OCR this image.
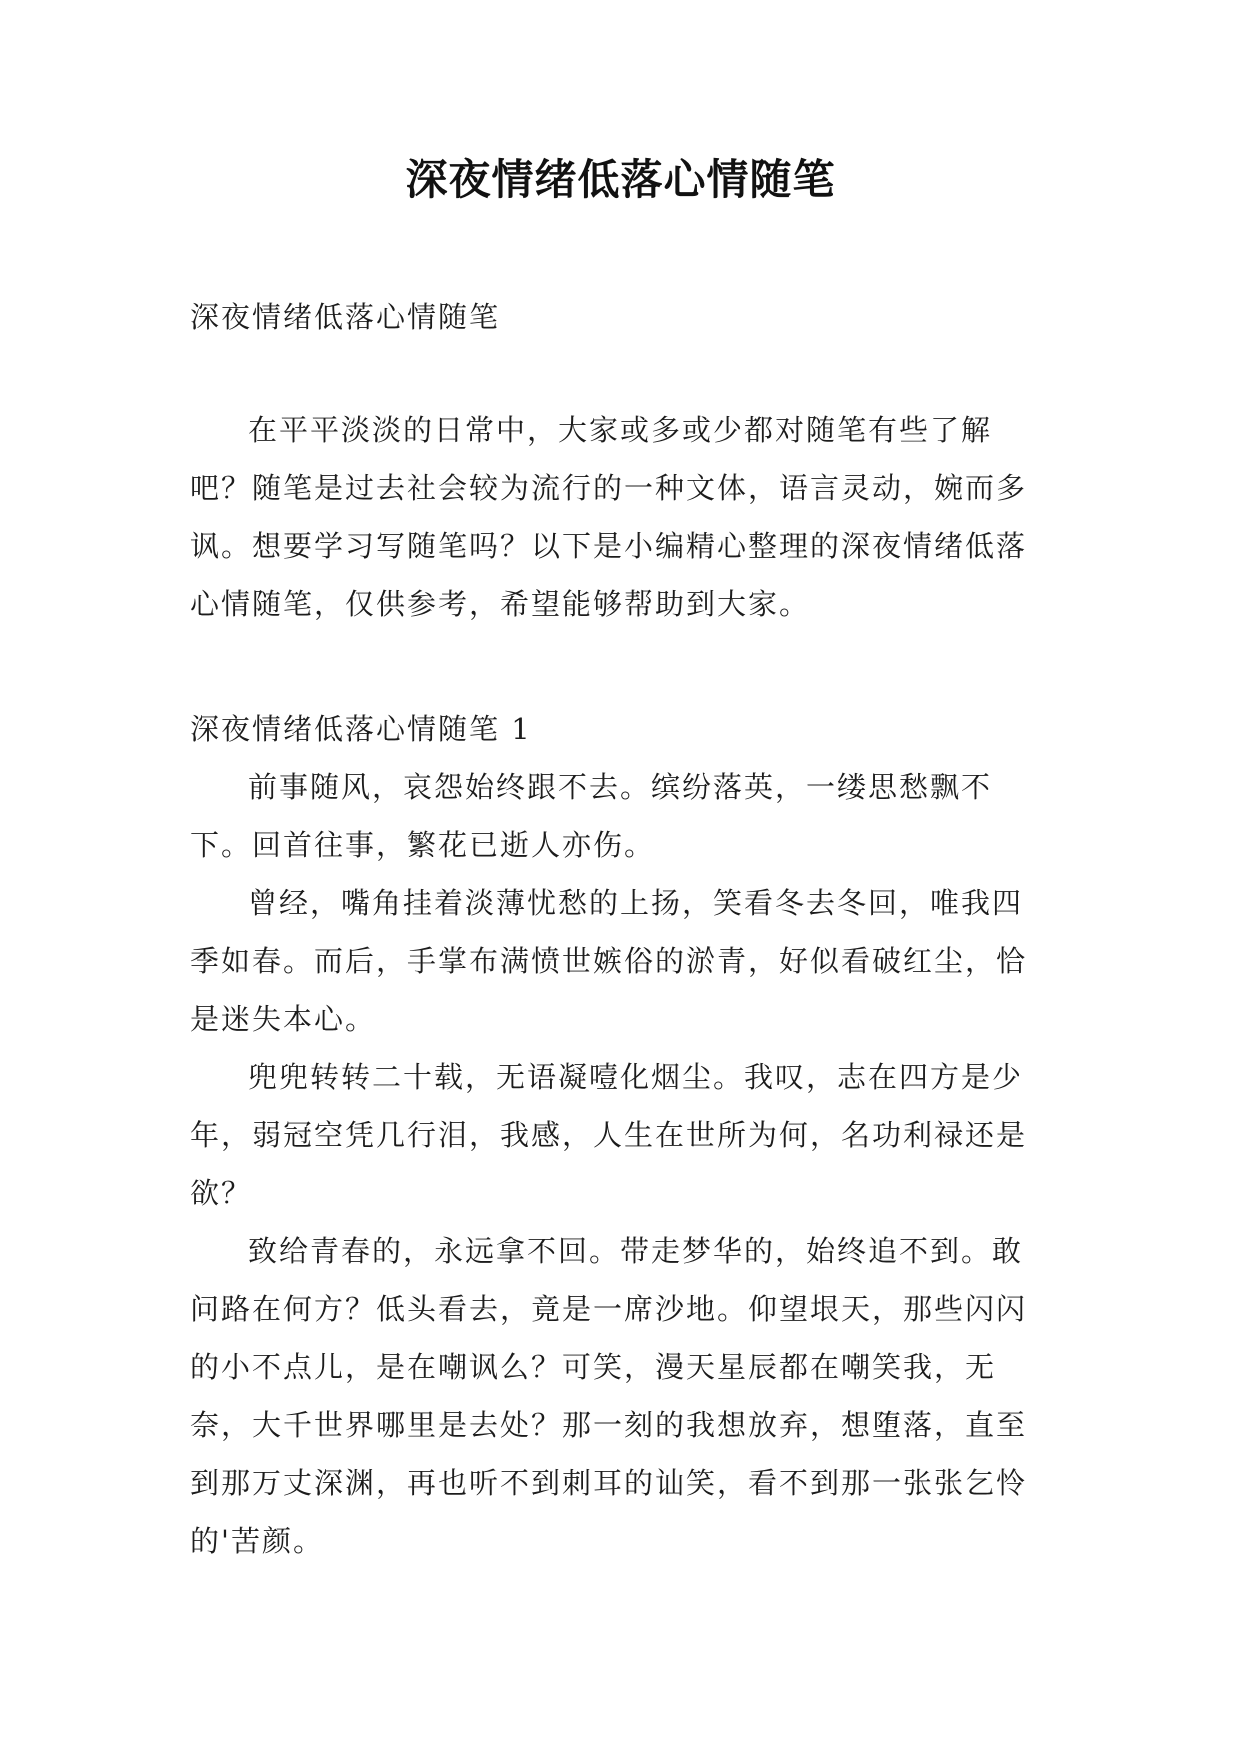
深夜情绪低落心情随笔
深夜情绪低落心情随笔

在平平淡淡的日常中，大家或多或少都对随笔有些了解吧？随笔是过去社会较为流行的一种文体，语言灵动，婉而多讽。想要学习写随笔吗？以下是小编精心整理的深夜情绪低落心情随笔，仅供参考，希望能够帮助到大家。

深夜情绪低落心情随笔 1

前事随风，哀怨始终跟不去。缤纷落英，一缕思愁飘不下。回首往事，繁花已逝人亦伤。

曾经，嘴角挂着淡薄忧愁的上扬，笑看冬去冬回，唯我四季如春。而后，手掌布满愤世嫉俗的淤青，好似看破红尘，恰是迷失本心。

兜兜转转二十载，无语凝噎化烟尘。我叹，志在四方是少年，弱冠空凭几行泪，我感，人生在世所为何，名功利禄还是欲？

致给青春的，永远拿不回。带走梦华的，始终追不到。敢问路在何方？低头看去，竟是一席沙地。仰望垠天，那些闪闪的小不点儿，是在嘲讽么？可笑，漫天星辰都在嘲笑我，无奈，大千世界哪里是去处？那一刻的我想放弃，想堕落，直至到那万丈深渊，再也听不到刺耳的讪笑，看不到那一张张乞怜的'苦颜。
